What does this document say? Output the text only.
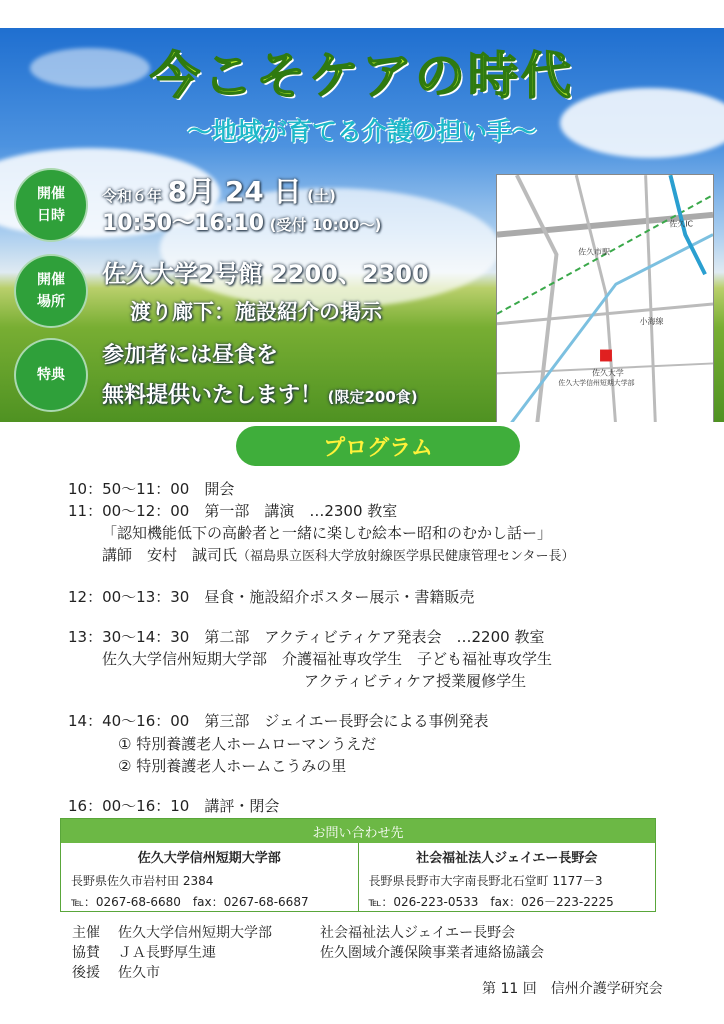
今こそケアの時代
～地域が育てる介護の担い手～
開催
日時
開催
場所
特典
令和６年 8月 24 日 (土)
10:50～16:10 (受付 10:00～)
佐久大学2号館 2200、2300
渡り廊下：施設紹介の掲示
参加者には昼食を
無料提供いたします！ (限定200食)
佐久市駅
佐久大学
佐久大学信州短期大学部
佐久IC
小海線
プログラム
10：50～11：00　開会
11：00～12：00　第一部　講演　…2300 教室
「認知機能低下の高齢者と一緒に楽しむ絵本ー昭和のむかし話ー」
講師　安村　誠司氏（福島県立医科大学放射線医学県民健康管理センター長）
12：00～13：30　昼食・施設紹介ポスター展示・書籍販売
13：30～14：30　第二部　アクティビティケア発表会　…2200 教室
佐久大学信州短期大学部　介護福祉専攻学生　子ども福祉専攻学生
アクティビティケア授業履修学生
14：40～16：00　第三部　ジェイエー長野会による事例発表
① 特別養護老人ホームローマンうえだ
② 特別養護老人ホームこうみの里
16：00～16：10　講評・閉会
お問い合わせ先
佐久大学信州短期大学部
長野県佐久市岩村田 2384
℡：0267-68-6680　fax：0267-68-6687
社会福祉法人ジェイエー長野会
長野県長野市大字南長野北石堂町 1177－3
℡：026-223-0533　fax：026－223-2225
主催 佐久大学信州短期大学部	社会福祉法人ジェイエー長野会
協賛 ＪＡ長野厚生連	佐久圏域介護保険事業者連絡協議会
後援 佐久市
第 11 回　信州介護学研究会
